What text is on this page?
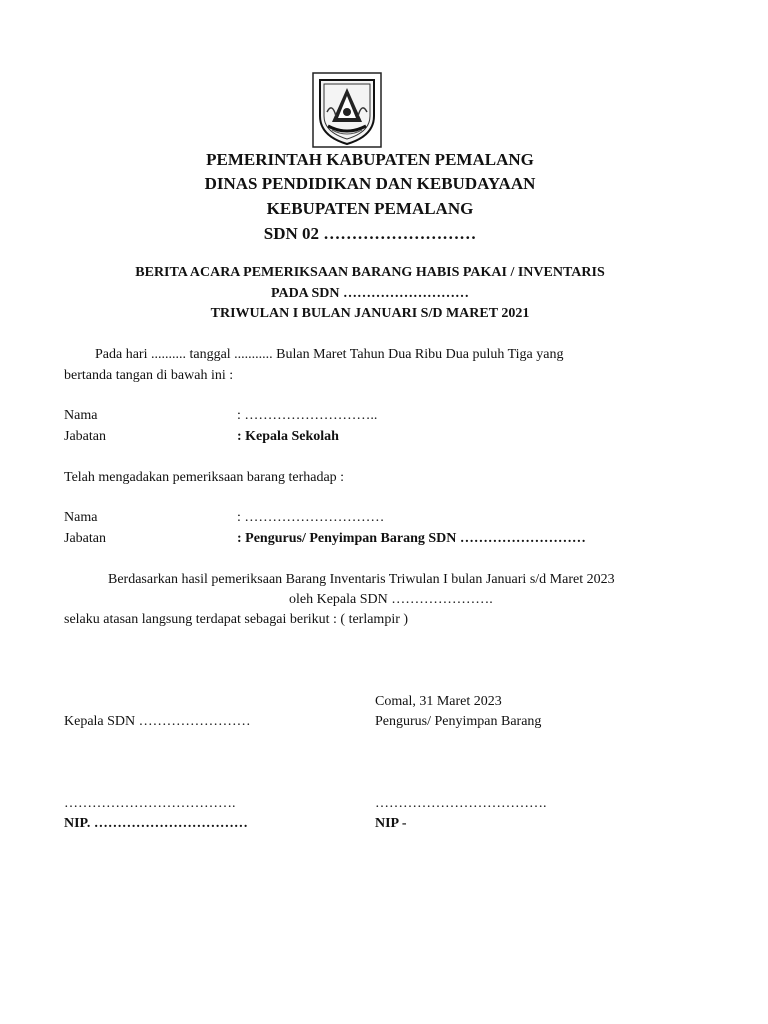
PEMERINTAH KABUPATEN PEMALANG
DINAS PENDIDIKAN DAN KEBUDAYAAN
KEBUPATEN PEMALANG
SDN 02 ………………………
BERITA ACARA PEMERIKSAAN BARANG HABIS PAKAI / INVENTARIS
PADA SDN ………………………
TRIWULAN I BULAN JANUARI S/D MARET 2021
Pada hari .......... tanggal ........... Bulan Maret Tahun Dua Ribu Dua puluh Tiga yang
bertanda tangan di bawah ini :
Nama	: ………………………..
Jabatan	: Kepala Sekolah
Telah mengadakan pemeriksaan barang terhadap :
Nama	: …………………………
Jabatan	: Pengurus/ Penyimpan Barang SDN ………………………
Berdasarkan hasil pemeriksaan Barang Inventaris Triwulan I bulan Januari s/d Maret 2023
oleh Kepala SDN ………………….
selaku atasan langsung terdapat sebagai berikut : ( terlampir )
Comal, 31 Maret 2023
Kepala SDN ……………………	Pengurus/ Penyimpan Barang
……………………………….	……………………………….
NIP. ……………………………	NIP -
